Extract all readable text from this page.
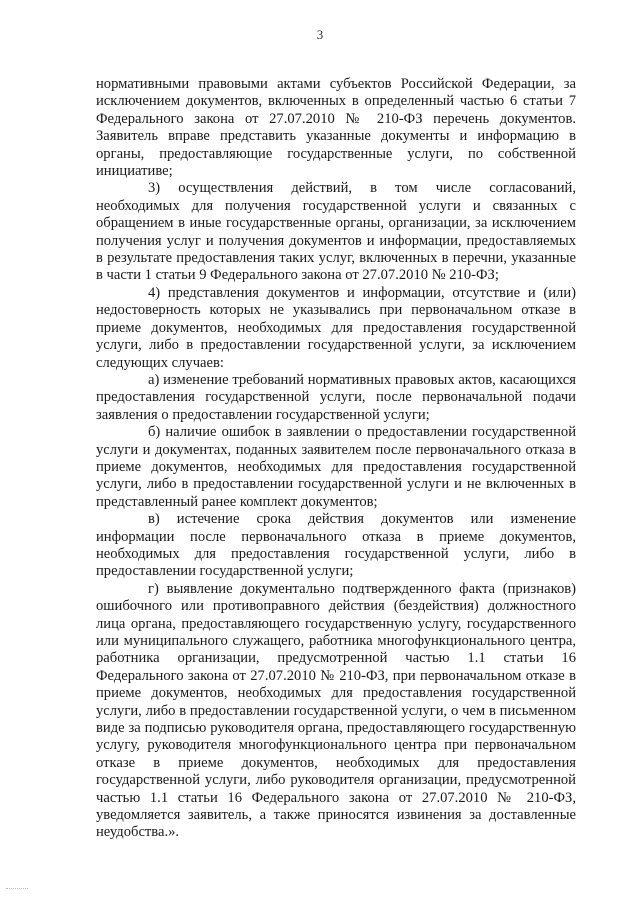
3

нормативными правовыми актами субъектов Российской Федерации, за исключением документов, включенных в определенный частью 6 статьи 7 Федерального закона от 27.07.2010 № 210-ФЗ перечень документов. Заявитель вправе представить указанные документы и информацию в органы, предоставляющие государственные услуги, по собственной инициативе;

3) осуществления действий, в том числе согласований, необходимых для получения государственной услуги и связанных с обращением в иные государственные органы, организации, за исключением получения услуг и получения документов и информации, предоставляемых в результате предоставления таких услуг, включенных в перечни, указанные в части 1 статьи 9 Федерального закона от 27.07.2010 № 210-ФЗ;

4) представления документов и информации, отсутствие и (или) недостоверность которых не указывались при первоначальном отказе в приеме документов, необходимых для предоставления государственной услуги, либо в предоставлении государственной услуги, за исключением следующих случаев:

а) изменение требований нормативных правовых актов, касающихся предоставления государственной услуги, после первоначальной подачи заявления о предоставлении государственной услуги;

б) наличие ошибок в заявлении о предоставлении государственной услуги и документах, поданных заявителем после первоначального отказа в приеме документов, необходимых для предоставления государственной услуги, либо в предоставлении государственной услуги и не включенных в представленный ранее комплект документов;

в) истечение срока действия документов или изменение информации после первоначального отказа в приеме документов, необходимых для предоставления государственной услуги, либо в предоставлении государственной услуги;

г) выявление документально подтвержденного факта (признаков) ошибочного или противоправного действия (бездействия) должностного лица органа, предоставляющего государственную услугу, государственного или муниципального служащего, работника многофункционального центра, работника организации, предусмотренной частью 1.1 статьи 16 Федерального закона от 27.07.2010 № 210-ФЗ, при первоначальном отказе в приеме документов, необходимых для предоставления государственной услуги, либо в предоставлении государственной услуги, о чем в письменном виде за подписью руководителя органа, предоставляющего государственную услугу, руководителя многофункционального центра при первоначальном отказе в приеме документов, необходимых для предоставления государственной услуги, либо руководителя организации, предусмотренной частью 1.1 статьи 16 Федерального закона от 27.07.2010 № 210-ФЗ, уведомляется заявитель, а также приносятся извинения за доставленные неудобства.».
